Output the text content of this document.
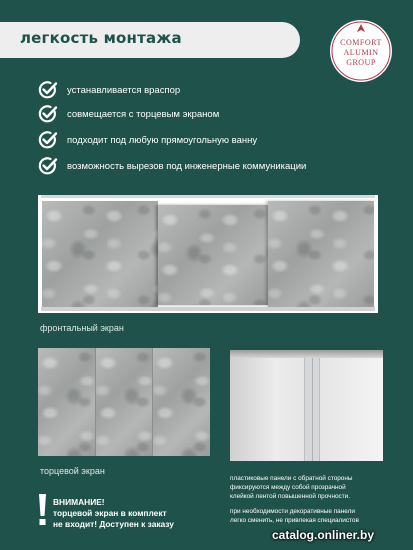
легкость монтажа	COMFORT
ALUMIN
GROUP
устанавливается враспор
совмещается с торцевым экраном
подходит под любую прямоугольную ванну
возможность вырезов под инженерные коммуникации
фронтальный экран
торцевой экран
пластиковые панели с обратной стороны
фиксируются между собой прозрачной
клейкой лентой повышенной прочности.
при необходимости декоративные панели
легко сменить, не привлекая специалистов
ВНИМАНИЕ!
торцевой экран в комплект
не входит! Доступен к заказу
catalog.onliner.by
